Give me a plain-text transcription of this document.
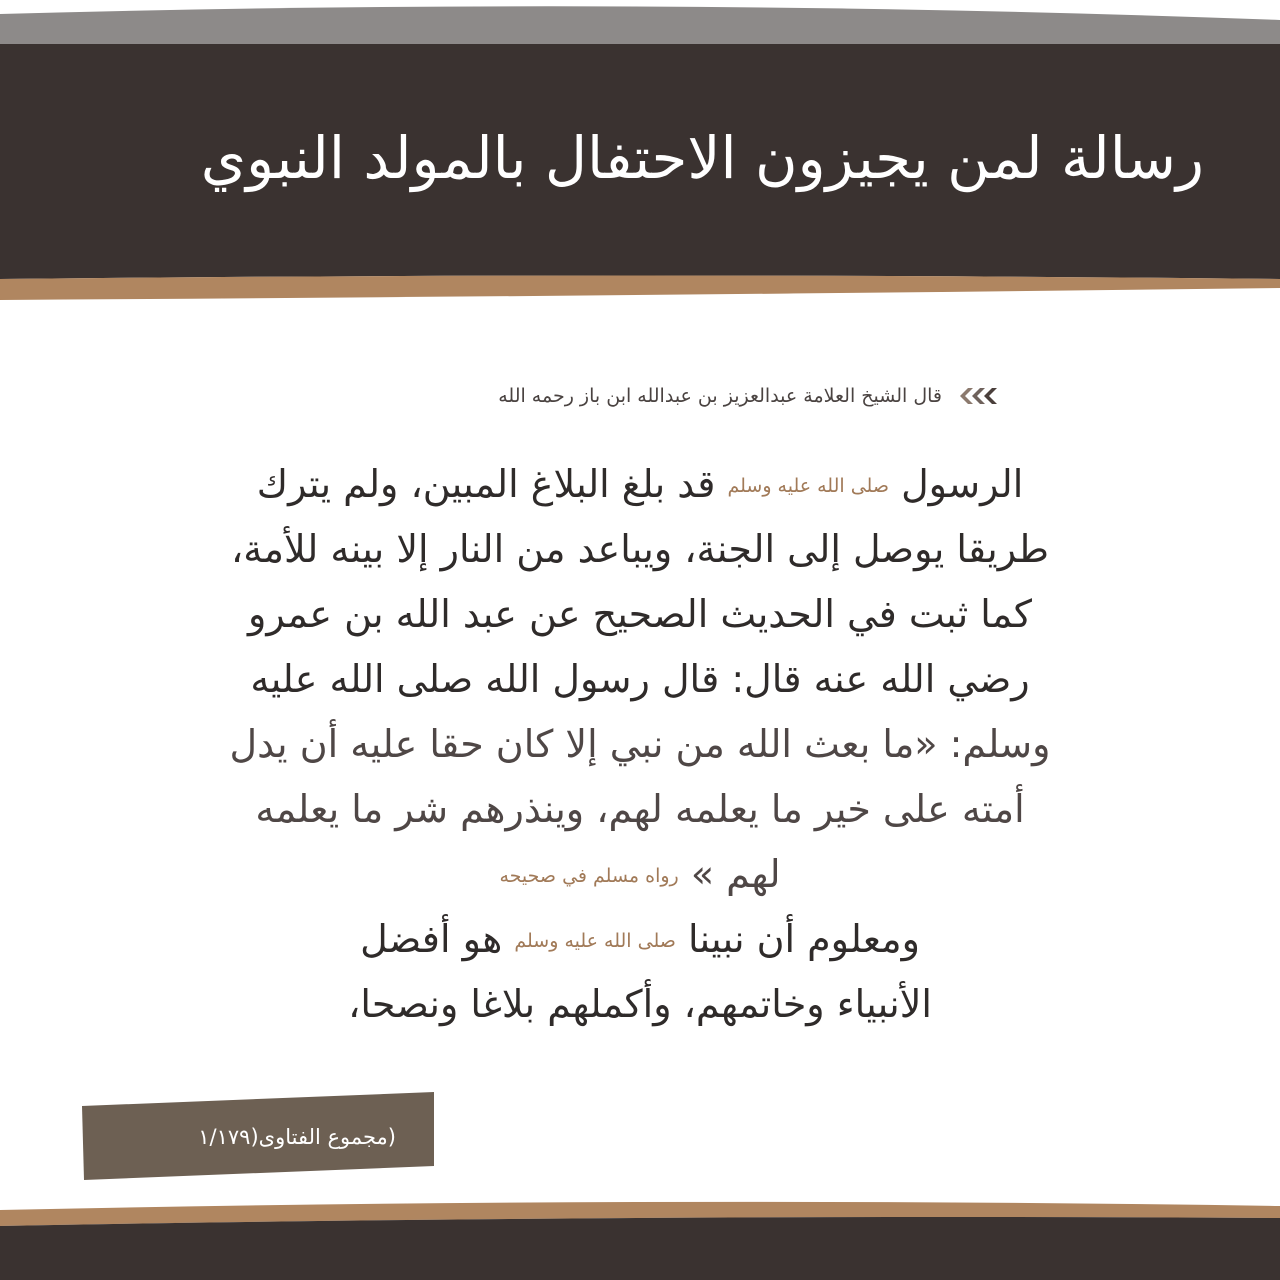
رسالة لمن يجيزون الاحتفال بالمولد النبوي
قال الشيخ العلامة عبدالعزيز بن عبدالله ابن باز رحمه الله
الرسول صلى الله عليه وسلم قد بلغ البلاغ المبين، ولم يترك
طريقا يوصل إلى الجنة، ويباعد من النار إلا بينه للأمة،
كما ثبت في الحديث الصحيح عن عبد الله بن عمرو
رضي الله عنه قال: قال رسول الله صلى الله عليه
وسلم: «ما بعث الله من نبي إلا كان حقا عليه أن يدل
أمته على خير ما يعلمه لهم، وينذرهم شر ما يعلمه
لهم » رواه مسلم في صحيحه
ومعلوم أن نبينا صلى الله عليه وسلم هو أفضل
الأنبياء وخاتمهم، وأكملهم بلاغا ونصحا،
(مجموع الفتاوى(١/١٧٩
